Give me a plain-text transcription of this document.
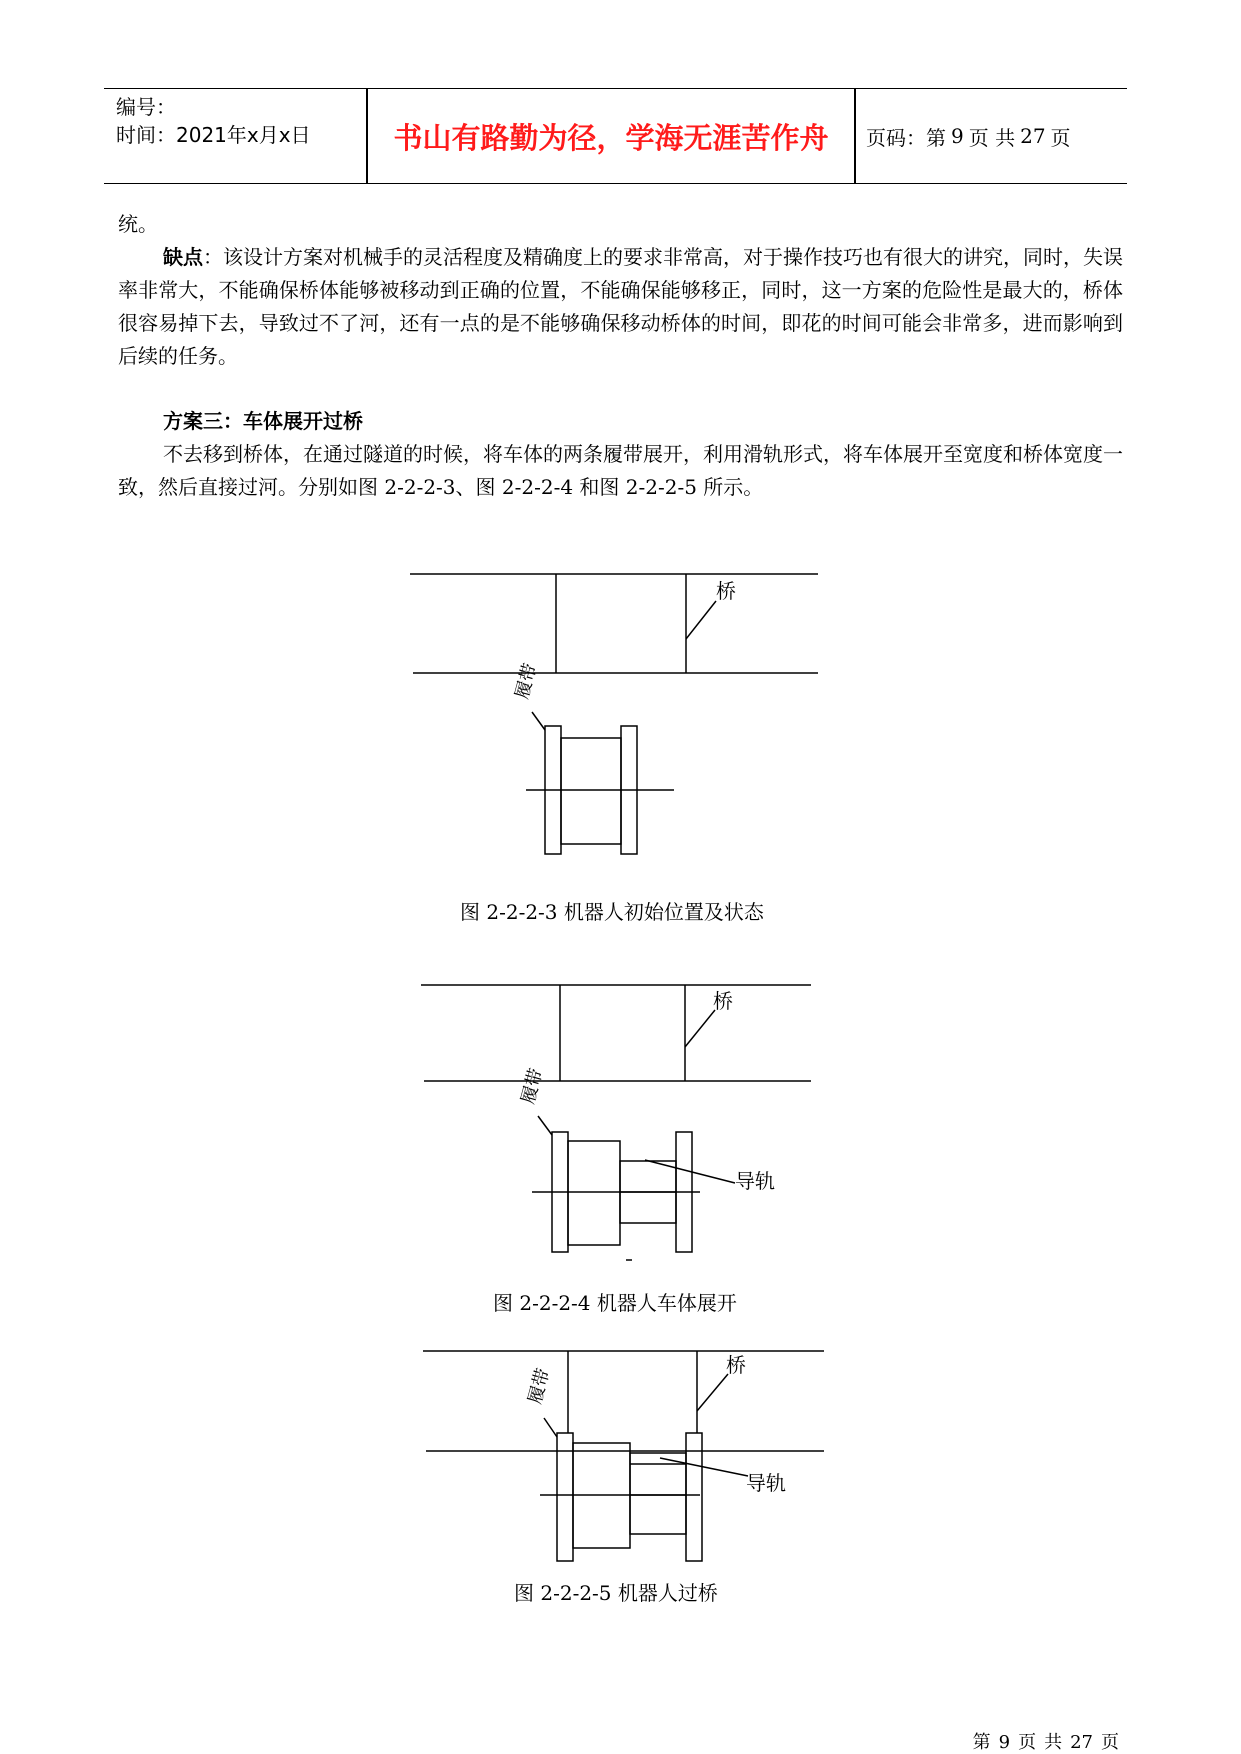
编号：
时间：2021年x月x日	书山有路勤为径，学海无涯苦作舟	页码：第 9 页 共 27 页

统。

缺点：该设计方案对机械手的灵活程度及精确度上的要求非常高，对于操作技巧也有很大的讲究，同时，失误率非常大，不能确保桥体能够被移动到正确的位置，不能确保能够移正，同时，这一方案的危险性是最大的，桥体很容易掉下去，导致过不了河，还有一点的是不能够确保移动桥体的时间，即花的时间可能会非常多，进而影响到后续的任务。

方案三：车体展开过桥

不去移到桥体，在通过隧道的时候，将车体的两条履带展开，利用滑轨形式，将车体展开至宽度和桥体宽度一致，然后直接过河。分别如图 2-2-2-3、图 2-2-2-4 和图 2-2-2-5 所示。

桥
履带
桥
履带
导轨
桥
履带
导轨
图 2-2-2-3 机器人初始位置及状态
图 2-2-2-4 机器人车体展开
图 2-2-2-5 机器人过桥
第 9 页 共 27 页
